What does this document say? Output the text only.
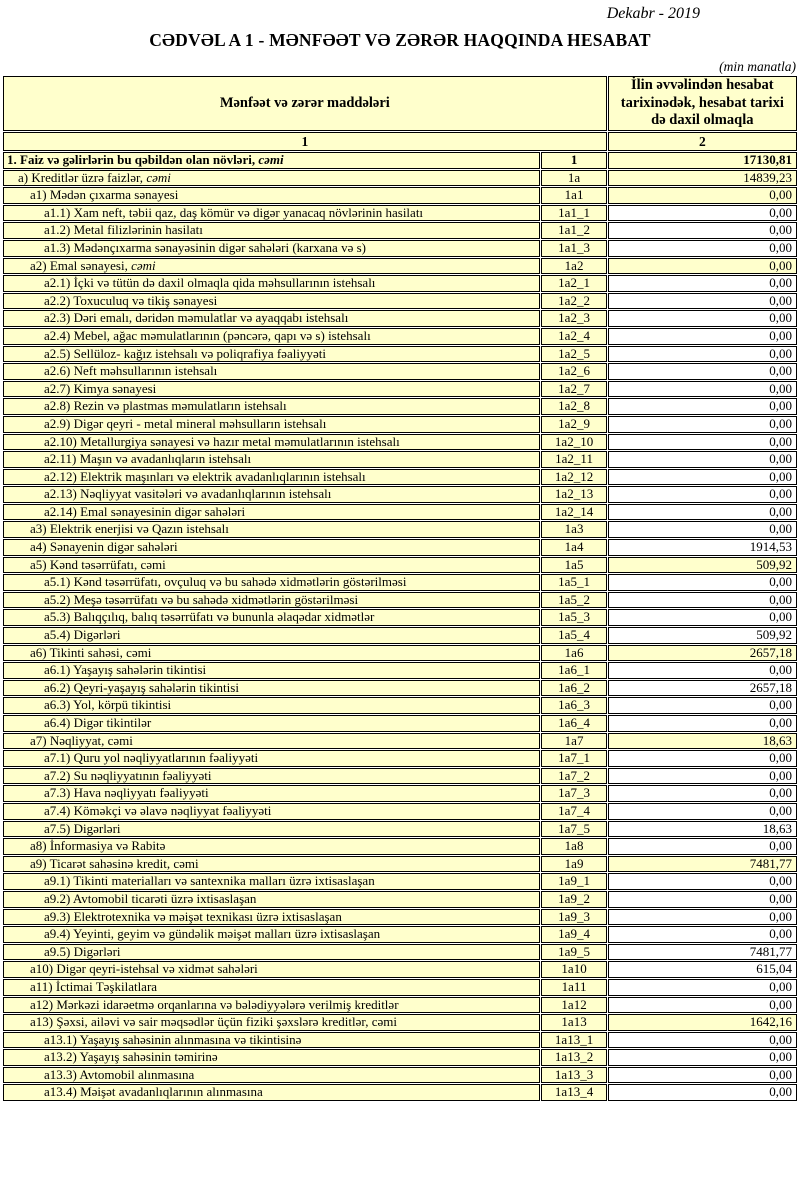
Dekabr - 2019
CƏDVƏL A 1 - MƏNFƏƏT VƏ ZƏRƏR HAQQINDA HESABAT
(min manatla)
Mənfəət və zərər maddələri		İlin əvvəlindən hesabat tarixinədək, hesabat tarixi də daxil olmaqla
1		2
1. Faiz və gəlirlərin bu qəbildən olan növləri, cəmi	1	17130,81
a) Kreditlər üzrə faizlər, cəmi	1a	14839,23
a1) Mədən çıxarma sənayesi	1a1	0,00
a1.1) Xam neft, təbii qaz, daş kömür və digər yanacaq növlərinin hasilatı	1a1_1	0,00
a1.2) Metal filizlərinin hasilatı	1a1_2	0,00
a1.3) Mədənçıxarma sənayəsinin digər sahələri (karxana və s)	1a1_3	0,00
a2) Emal sənayesi, cəmi	1a2	0,00
a2.1) İçki və tütün də daxil olmaqla qida məhsullarının istehsalı	1a2_1	0,00
a2.2) Toxuculuq və tikiş sənayesi	1a2_2	0,00
a2.3) Dəri emalı, dəridən məmulatlar və ayaqqabı istehsalı	1a2_3	0,00
a2.4) Mebel, ağac məmulatlarının (pəncərə, qapı və s) istehsalı	1a2_4	0,00
a2.5) Sellüloz- kağız istehsalı və poliqrafiya fəaliyyəti	1a2_5	0,00
a2.6) Neft məhsullarının istehsalı	1a2_6	0,00
a2.7) Kimya sənayesi	1a2_7	0,00
a2.8) Rezin və plastmas məmulatların istehsalı	1a2_8	0,00
a2.9) Digər qeyri - metal mineral məhsulların istehsalı	1a2_9	0,00
a2.10) Metallurgiya sənayesi və hazır metal məmulatlarının istehsalı	1a2_10	0,00
a2.11) Maşın və avadanlıqların istehsalı	1a2_11	0,00
a2.12) Elektrik maşınları və elektrik avadanlıqlarının istehsalı	1a2_12	0,00
a2.13) Nəqliyyat vasitələri və avadanlıqlarının istehsalı	1a2_13	0,00
a2.14) Emal sənayesinin digər sahələri	1a2_14	0,00
a3) Elektrik enerjisi və Qazın istehsalı	1a3	0,00
a4) Sənayenin digər sahələri	1a4	1914,53
a5) Kənd təsərrüfatı, cəmi	1a5	509,92
a5.1) Kənd təsərrüfatı, ovçuluq və bu sahədə xidmətlərin göstərilməsi	1a5_1	0,00
a5.2) Meşə təsərrüfatı və bu sahədə xidmətlərin göstərilməsi	1a5_2	0,00
a5.3) Balıqçılıq, balıq təsərrüfatı və bununla əlaqədar xidmətlər	1a5_3	0,00
a5.4) Digərləri	1a5_4	509,92
a6) Tikinti sahəsi, cəmi	1a6	2657,18
a6.1) Yaşayış sahələrin tikintisi	1a6_1	0,00
a6.2) Qeyri-yaşayış sahələrin tikintisi	1a6_2	2657,18
a6.3) Yol, körpü tikintisi	1a6_3	0,00
a6.4) Digər tikintilər	1a6_4	0,00
a7) Nəqliyyat, cəmi	1a7	18,63
a7.1) Quru yol nəqliyyatlarının fəaliyyəti	1a7_1	0,00
a7.2) Su nəqliyyatının fəaliyyəti	1a7_2	0,00
a7.3) Hava nəqliyyatı fəaliyyəti	1a7_3	0,00
a7.4) Köməkçi və əlavə nəqliyyat fəaliyyəti	1a7_4	0,00
a7.5) Digərləri	1a7_5	18,63
a8) İnformasiya və Rabitə	1a8	0,00
a9) Ticarət sahəsinə kredit, cəmi	1a9	7481,77
a9.1) Tikinti materialları və santexnika malları üzrə ixtisaslaşan	1a9_1	0,00
a9.2) Avtomobil ticarəti üzrə ixtisaslaşan	1a9_2	0,00
a9.3) Elektrotexnika və məişət texnikası üzrə ixtisaslaşan	1a9_3	0,00
a9.4) Yeyinti, geyim və gündəlik məişət malları üzrə ixtisaslaşan	1a9_4	0,00
a9.5) Digərləri	1a9_5	7481,77
a10) Digər qeyri-istehsal və xidmət sahələri	1a10	615,04
a11) İctimai Təşkilatlara	1a11	0,00
a12) Mərkəzi idarəetmə orqanlarına və bələdiyyələrə verilmiş kreditlər	1a12	0,00
a13) Şəxsi, ailəvi və sair məqsədlər üçün fiziki şəxslərə kreditlər, cəmi	1a13	1642,16
a13.1) Yaşayış sahəsinin alınmasına və tikintisinə	1a13_1	0,00
a13.2) Yaşayış sahəsinin təmirinə	1a13_2	0,00
a13.3) Avtomobil alınmasına	1a13_3	0,00
a13.4) Məişət avadanlıqlarının alınmasına	1a13_4	0,00
